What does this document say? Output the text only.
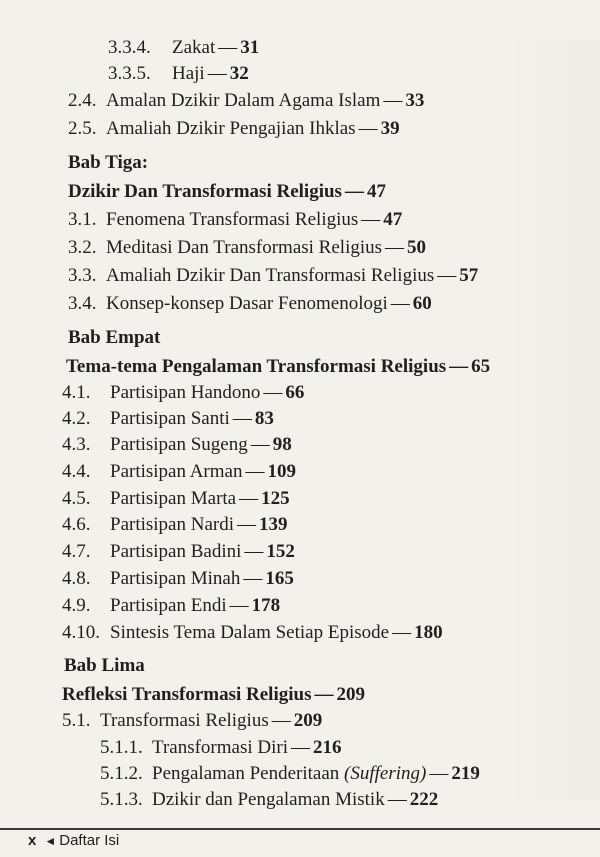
3.3.4. Zakat — 31
3.3.5. Haji — 32
2.4. Amalan Dzikir Dalam Agama Islam — 33
2.5. Amaliah Dzikir Pengajian Ihklas — 39
Bab Tiga:
Dzikir Dan Transformasi Religius — 47
3.1. Fenomena Transformasi Religius — 47
3.2. Meditasi Dan Transformasi Religius — 50
3.3. Amaliah Dzikir Dan Transformasi Religius — 57
3.4. Konsep-konsep Dasar Fenomenologi — 60
Bab Empat
Tema-tema Pengalaman Transformasi Religius — 65
4.1. Partisipan Handono — 66
4.2. Partisipan Santi — 83
4.3. Partisipan Sugeng — 98
4.4. Partisipan Arman — 109
4.5. Partisipan Marta — 125
4.6. Partisipan Nardi — 139
4.7. Partisipan Badini — 152
4.8. Partisipan Minah — 165
4.9. Partisipan Endi — 178
4.10. Sintesis Tema Dalam Setiap Episode — 180
Bab Lima
Refleksi Transformasi Religius — 209
5.1. Transformasi Religius — 209
5.1.1. Transformasi Diri — 216
5.1.2. Pengalaman Penderitaan (Suffering) — 219
5.1.3. Dzikir dan Pengalaman Mistik — 222
x ◄ Daftar Isi
